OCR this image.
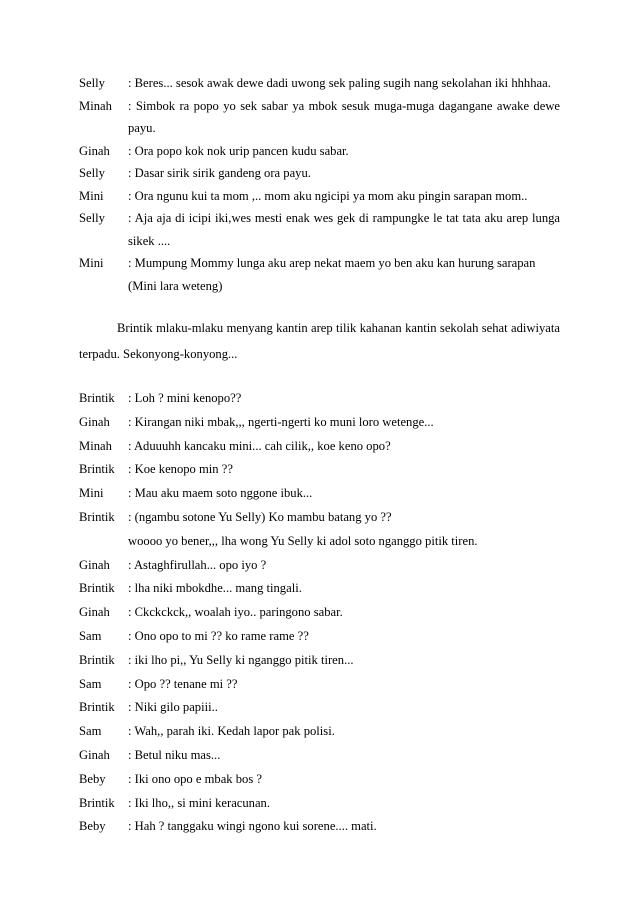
Selly	: Beres... sesok awak dewe dadi uwong sek paling sugih nang sekolahan iki hhhhaa.
Minah	: Simbok ra popo yo sek sabar ya mbok sesuk muga-muga dagangane awake dewe payu.
Ginah	: Ora popo kok nok urip pancen kudu sabar.
Selly	: Dasar sirik sirik gandeng ora payu.
Mini	: Ora ngunu kui ta mom ,.. mom aku ngicipi ya mom aku pingin sarapan mom..
Selly	: Aja aja di icipi iki,wes mesti enak wes gek di rampungke le tat tata aku arep lunga sikek ....
Mini	: Mumpung Mommy lunga aku arep nekat maem yo ben aku kan hurung sarapan
(Mini lara weteng)
Brintik mlaku-mlaku menyang kantin arep tilik kahanan kantin sekolah sehat adiwiyata terpadu. Sekonyong-konyong...
Brintik	: Loh ? mini kenopo??
Ginah	: Kirangan niki mbak,,, ngerti-ngerti ko muni loro wetenge...
Minah	: Aduuuhh kancaku mini... cah cilik,, koe keno opo?
Brintik	: Koe kenopo min ??
Mini	: Mau aku maem soto nggone ibuk...
Brintik	: (ngambu sotone Yu Selly) Ko mambu batang yo ??
woooo yo bener,,, lha wong Yu Selly ki adol soto nganggo pitik tiren.
Ginah	: Astaghfirullah... opo iyo ?
Brintik	: lha niki mbokdhe... mang tingali.
Ginah	: Ckckckck,, woalah iyo.. paringono sabar.
Sam	: Ono opo to mi ?? ko rame rame ??
Brintik	: iki lho pi,, Yu Selly ki nganggo pitik tiren...
Sam	: Opo ?? tenane mi ??
Brintik	: Niki gilo papiii..
Sam	: Wah,, parah iki. Kedah lapor pak polisi.
Ginah	: Betul niku mas...
Beby	: Iki ono opo e mbak bos ?
Brintik	: Iki lho,, si mini keracunan.
Beby	: Hah ? tanggaku wingi ngono kui sorene.... mati.
